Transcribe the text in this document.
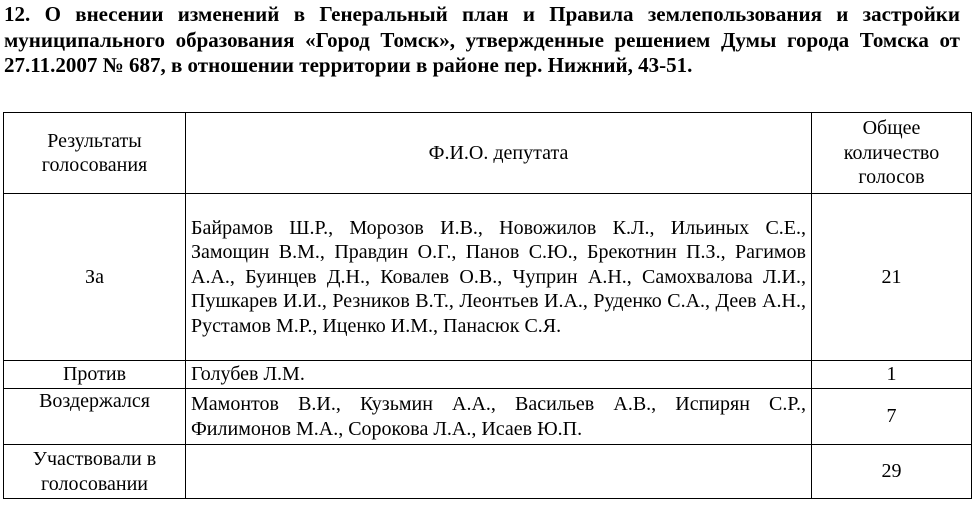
12. О внесении изменений в Генеральный план и Правила землепользования и застройки муниципального образования «Город Томск», утвержденные решением Думы города Томска от 27.11.2007 № 687, в отношении территории в районе пер. Нижний, 43-51.
Результаты голосования	Ф.И.О. депутата	Общее количество голосов
За	Байрамов Ш.Р., Морозов И.В., Новожилов К.Л., Ильиных С.Е., Замощин В.М., Правдин О.Г., Панов С.Ю., Брекотнин П.З., Рагимов А.А., Буинцев Д.Н., Ковалев О.В., Чуприн А.Н., Самохвалова Л.И., Пушкарев И.И., Резников В.Т., Леонтьев И.А., Руденко С.А., Деев А.Н., Рустамов М.Р., Иценко И.М., Панасюк С.Я.	21
Против	Голубев Л.М.	1
Воздержался	Мамонтов В.И., Кузьмин А.А., Васильев А.В., Испирян С.Р., Филимонов М.А., Сорокова Л.А., Исаев Ю.П.	7
Участвовали в голосовании		29
